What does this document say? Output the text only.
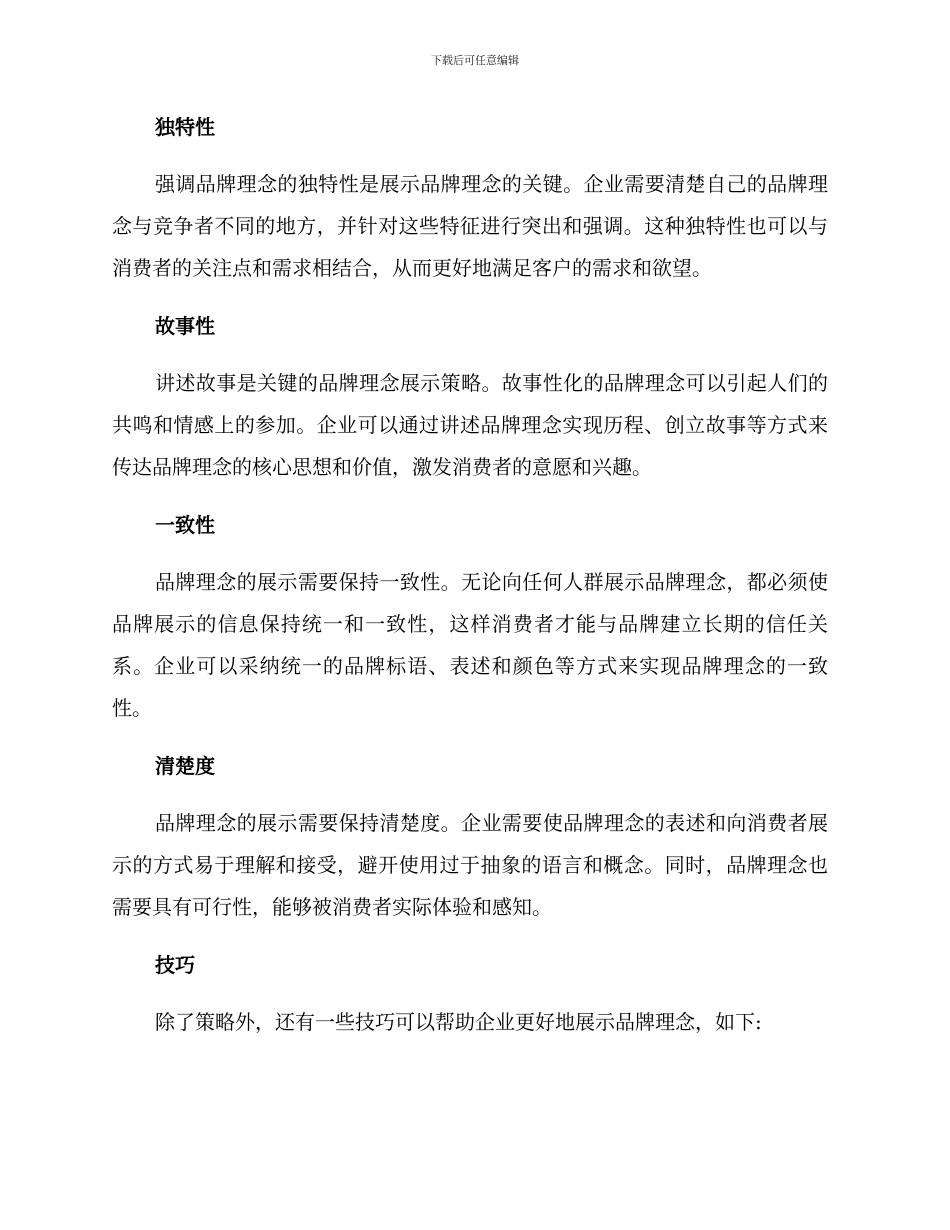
下载后可任意编辑
独特性

强调品牌理念的独特性是展示品牌理念的关键。企业需要清楚自己的品牌理念与竞争者不同的地方，并针对这些特征进行突出和强调。这种独特性也可以与消费者的关注点和需求相结合，从而更好地满足客户的需求和欲望。

故事性

讲述故事是关键的品牌理念展示策略。故事性化的品牌理念可以引起人们的共鸣和情感上的参加。企业可以通过讲述品牌理念实现历程、创立故事等方式来传达品牌理念的核心思想和价值，激发消费者的意愿和兴趣。

一致性

品牌理念的展示需要保持一致性。无论向任何人群展示品牌理念，都必须使品牌展示的信息保持统一和一致性，这样消费者才能与品牌建立长期的信任关系。企业可以采纳统一的品牌标语、表述和颜色等方式来实现品牌理念的一致性。

清楚度

品牌理念的展示需要保持清楚度。企业需要使品牌理念的表述和向消费者展示的方式易于理解和接受，避开使用过于抽象的语言和概念。同时，品牌理念也需要具有可行性，能够被消费者实际体验和感知。

技巧

除了策略外，还有一些技巧可以帮助企业更好地展示品牌理念，如下:
